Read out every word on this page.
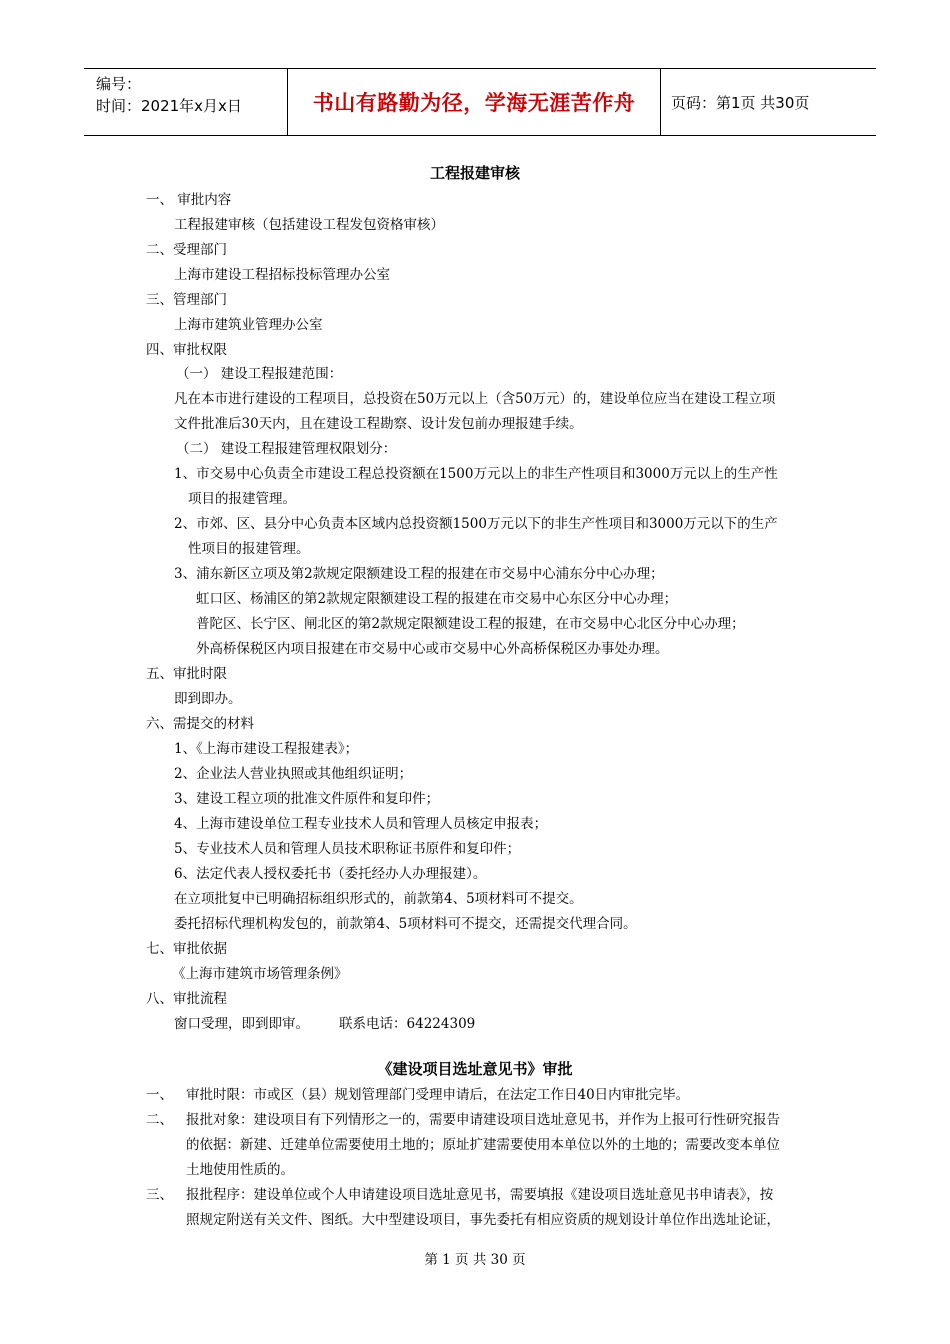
编号：
时间：2021年x月x日	书山有路勤为径，学海无涯苦作舟	页码：第1页 共30页
工程报建审核
一、 审批内容
工程报建审核（包括建设工程发包资格审核）
二、受理部门
上海市建设工程招标投标管理办公室
三、管理部门
上海市建筑业管理办公室
四、审批权限
（一） 建设工程报建范围：
凡在本市进行建设的工程项目，总投资在50万元以上（含50万元）的，建设单位应当在建设工程立项
文件批准后30天内，且在建设工程勘察、设计发包前办理报建手续。
（二） 建设工程报建管理权限划分：
1、市交易中心负责全市建设工程总投资额在1500万元以上的非生产性项目和3000万元以上的生产性
项目的报建管理。
2、市郊、区、县分中心负责本区域内总投资额1500万元以下的非生产性项目和3000万元以下的生产
性项目的报建管理。
3、浦东新区立项及第2款规定限额建设工程的报建在市交易中心浦东分中心办理；
虹口区、杨浦区的第2款规定限额建设工程的报建在市交易中心东区分中心办理；
普陀区、长宁区、闸北区的第2款规定限额建设工程的报建，在市交易中心北区分中心办理；
外高桥保税区内项目报建在市交易中心或市交易中心外高桥保税区办事处办理。
五、审批时限
即到即办。
六、需提交的材料
1、《上海市建设工程报建表》；
2、企业法人营业执照或其他组织证明；
3、建设工程立项的批准文件原件和复印件；
4、上海市建设单位工程专业技术人员和管理人员核定申报表；
5、专业技术人员和管理人员技术职称证书原件和复印件；
6、法定代表人授权委托书（委托经办人办理报建）。
在立项批复中已明确招标组织形式的，前款第4、5项材料可不提交。
委托招标代理机构发包的，前款第4、5项材料可不提交，还需提交代理合同。
七、审批依据
《上海市建筑市场管理条例》
八、审批流程
窗口受理，即到即审。       联系电话：64224309
《建设项目选址意见书》审批
一、 审批时限：市或区（县）规划管理部门受理申请后，在法定工作日40日内审批完毕。
二、 报批对象：建设项目有下列情形之一的，需要申请建设项目选址意见书，并作为上报可行性研究报告
的依据：新建、迁建单位需要使用土地的；原址扩建需要使用本单位以外的土地的；需要改变本单位
土地使用性质的。
三、 报批程序：建设单位或个人申请建设项目选址意见书，需要填报《建设项目选址意见书申请表》，按
照规定附送有关文件、图纸。大中型建设项目，事先委托有相应资质的规划设计单位作出选址论证，
第 1 页 共 30 页
